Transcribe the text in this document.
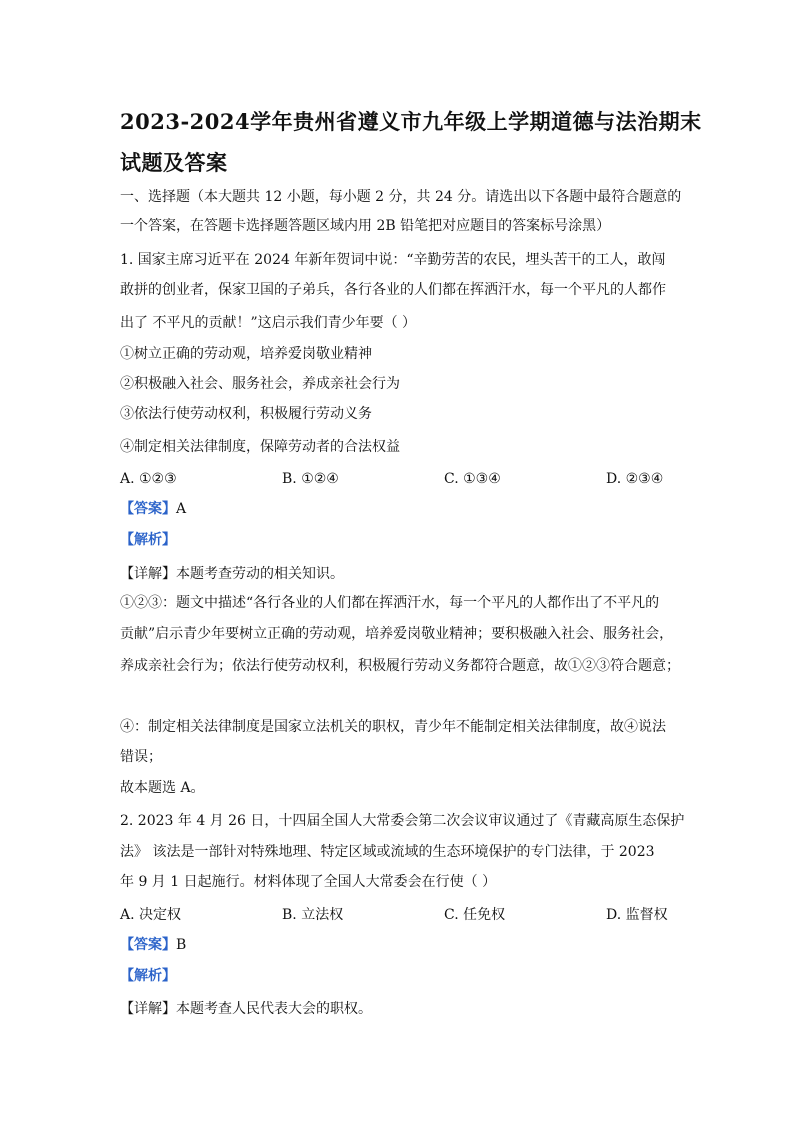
2023-2024学年贵州省遵义市九年级上学期道德与法治期末
试题及答案
一、选择题（本大题共 12 小题，每小题 2 分，共 24 分。请选出以下各题中最符合题意的
一个答案，在答题卡选择题答题区域内用 2B 铅笔把对应题目的答案标号涂黑）
1. 国家主席习近平在 2024 年新年贺词中说：“辛勤劳苦的农民，埋头苦干的工人，敢闯
敢拼的创业者，保家卫国的子弟兵，各行各业的人们都在挥洒汗水，每一个平凡的人都作
出了 不平凡的贡献！”这启示我们青少年要（ ）
①树立正确的劳动观，培养爱岗敬业精神
②积极融入社会、服务社会，养成亲社会行为
③依法行使劳动权利，积极履行劳动义务
④制定相关法律制度，保障劳动者的合法权益
A. ①②③	B. ①②④	C. ①③④	D. ②③④
【答案】A
【解析】
【详解】本题考查劳动的相关知识。
①②③：题文中描述“各行各业的人们都在挥洒汗水，每一个平凡的人都作出了不平凡的
贡献”启示青少年要树立正确的劳动观，培养爱岗敬业精神；要积极融入社会、服务社会，
养成亲社会行为；依法行使劳动权利，积极履行劳动义务都符合题意，故①②③符合题意；
④：制定相关法律制度是国家立法机关的职权，青少年不能制定相关法律制度，故④说法
错误；
故本题选 A。
2. 2023 年 4 月 26 日，十四届全国人大常委会第二次会议审议通过了《青藏高原生态保护
法》 该法是一部针对特殊地理、特定区域或流域的生态环境保护的专门法律，于 2023
年 9 月 1 日起施行。材料体现了全国人大常委会在行使（ ）
A. 决定权	B. 立法权	C. 任免权	D. 监督权
【答案】B
【解析】
【详解】本题考查人民代表大会的职权。
